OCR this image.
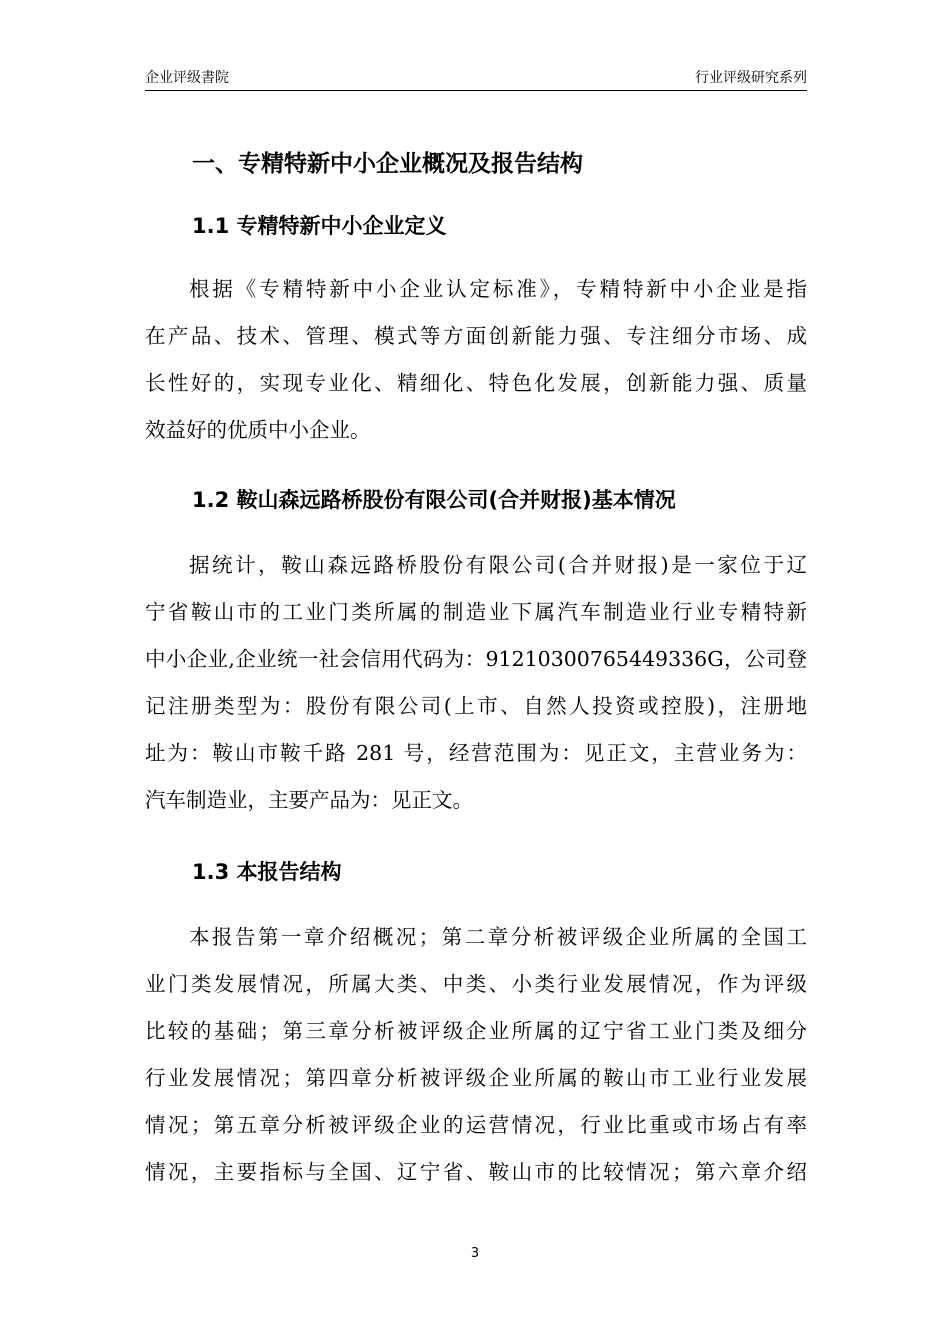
企业评级書院	行业评级研究系列
一、专精特新中小企业概况及报告结构
1.1 专精特新中小企业定义
根据《专精特新中小企业认定标准》，专精特新中小企业是指
在产品、技术、管理、模式等方面创新能力强、专注细分市场、成
长性好的，实现专业化、精细化、特色化发展，创新能力强、质量
效益好的优质中小企业。
1.2 鞍山森远路桥股份有限公司(合并财报)基本情况
据统计，鞍山森远路桥股份有限公司(合并财报)是一家位于辽
宁省鞍山市的工业门类所属的制造业下属汽车制造业行业专精特新
中小企业,企业统一社会信用代码为：91210300765449336G，公司登
记注册类型为：股份有限公司(上市、自然人投资或控股)，注册地
址为：鞍山市鞍千路 281 号，经营范围为：见正文，主营业务为：
汽车制造业，主要产品为：见正文。
1.3 本报告结构
本报告第一章介绍概况；第二章分析被评级企业所属的全国工
业门类发展情况，所属大类、中类、小类行业发展情况，作为评级
比较的基础；第三章分析被评级企业所属的辽宁省工业门类及细分
行业发展情况；第四章分析被评级企业所属的鞍山市工业行业发展
情况；第五章分析被评级企业的运营情况，行业比重或市场占有率
情况，主要指标与全国、辽宁省、鞍山市的比较情况；第六章介绍
3
